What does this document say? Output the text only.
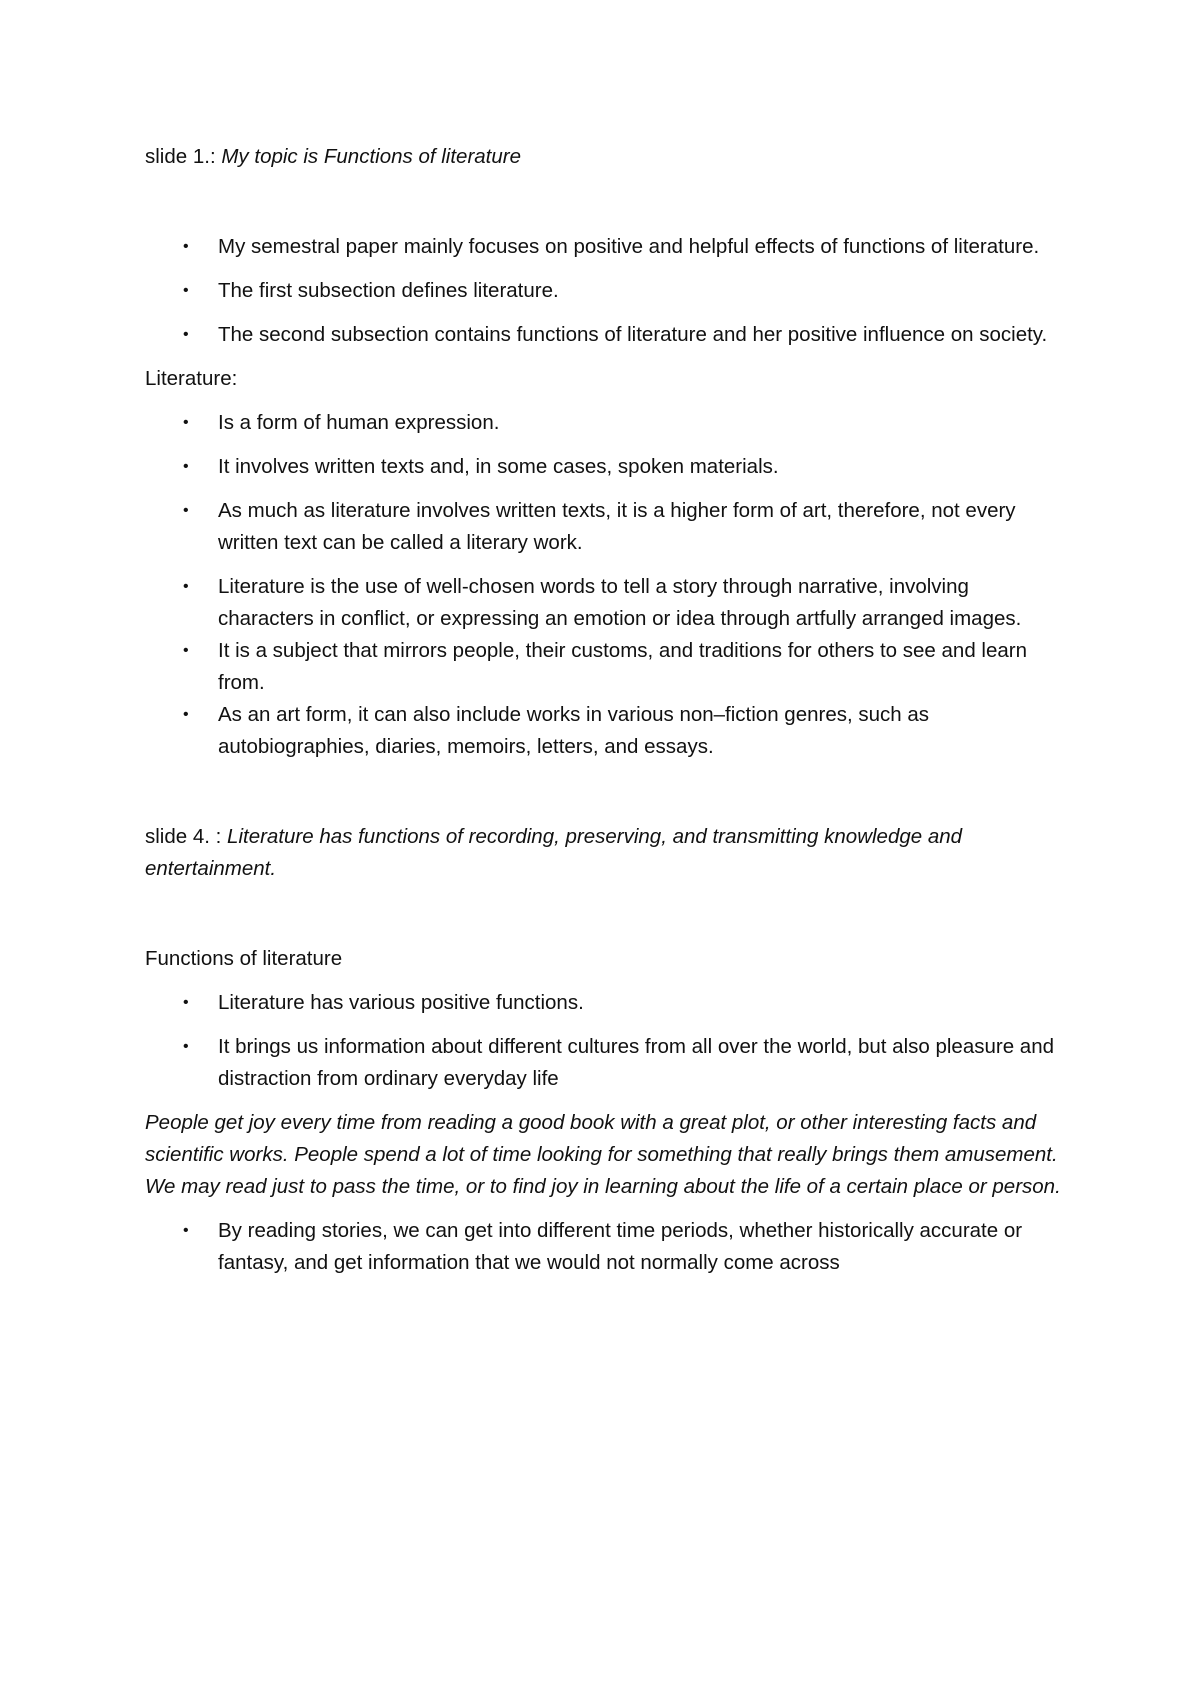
slide 1.: My topic is Functions of literature

• My semestral paper mainly focuses on positive and helpful effects of functions of literature.
• The first subsection defines literature.
• The second subsection contains functions of literature and her positive influence on society.

Literature:

• Is a form of human expression.
• It involves written texts and, in some cases, spoken materials.
• As much as literature involves written texts, it is a higher form of art, therefore, not every written text can be called a literary work.
• Literature is the use of well-chosen words to tell a story through narrative, involving characters in conflict, or expressing an emotion or idea through artfully arranged images.
• It is a subject that mirrors people, their customs, and traditions for others to see and learn from.
• As an art form, it can also include works in various non–fiction genres, such as autobiographies, diaries, memoirs, letters, and essays.

slide 4. : Literature has functions of recording, preserving, and transmitting knowledge and entertainment.

Functions of literature

• Literature has various positive functions.
• It brings us information about different cultures from all over the world, but also pleasure and distraction from ordinary everyday life

People get joy every time from reading a good book with a great plot, or other interesting facts and scientific works. People spend a lot of time looking for something that really brings them amusement. We may read just to pass the time, or to find joy in learning about the life of a certain place or person.

• By reading stories, we can get into different time periods, whether historically accurate or fantasy, and get information that we would not normally come across
